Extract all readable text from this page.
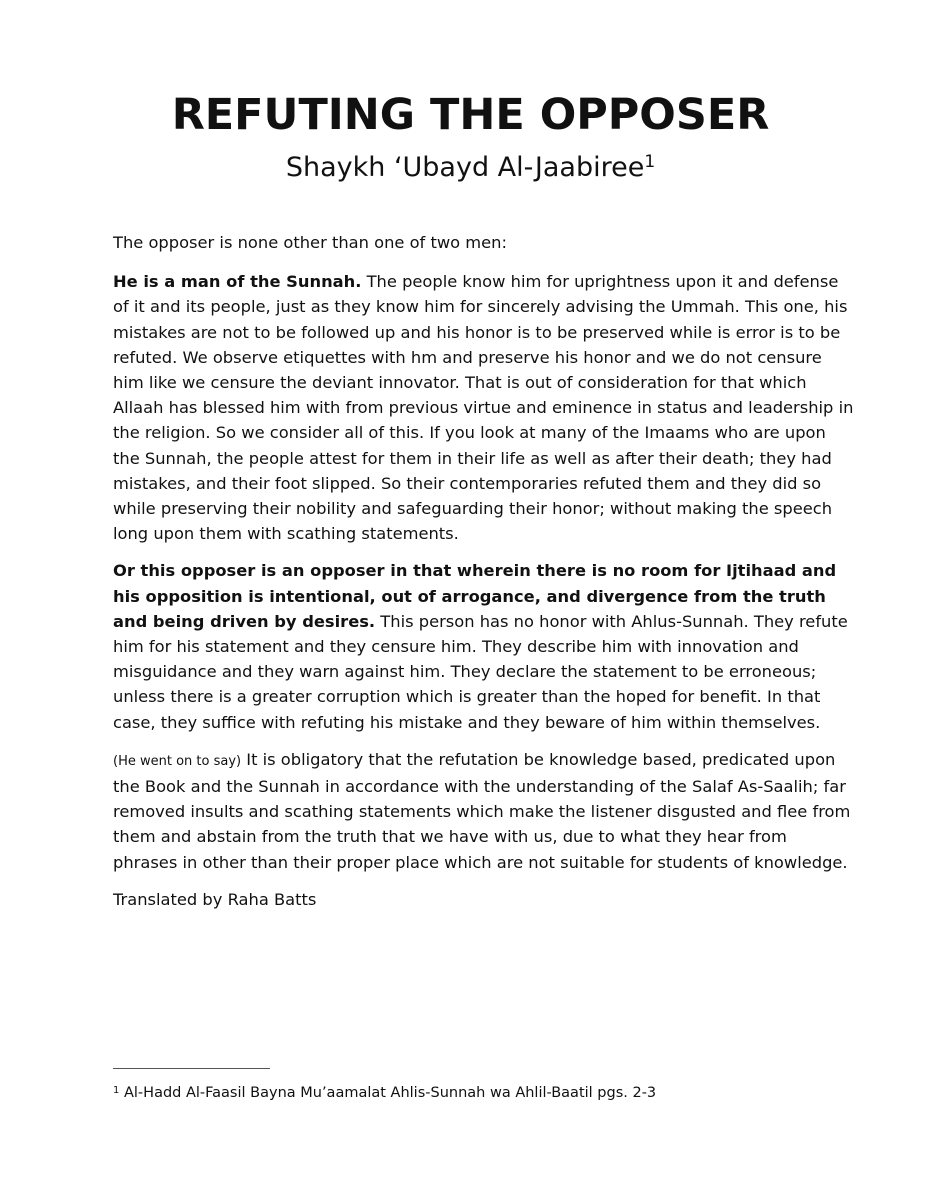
REFUTING THE OPPOSER
Shaykh ‘Ubayd Al-Jaabiree$^1$

The opposer is none other than one of two men:

He is a man of the Sunnah. The people know him for uprightness upon it and defense of it and its people, just as they know him for sincerely advising the Ummah. This one, his mistakes are not to be followed up and his honor is to be preserved while is error is to be refuted. We observe etiquettes with hm and preserve his honor and we do not censure him like we censure the deviant innovator. That is out of consideration for that which Allaah has blessed him with from previous virtue and eminence in status and leadership in the religion. So we consider all of this. If you look at many of the Imaams who are upon the Sunnah, the people attest for them in their life as well as after their death; they had mistakes, and their foot slipped. So their contemporaries refuted them and they did so while preserving their nobility and safeguarding their honor; without making the speech long upon them with scathing statements.

Or this opposer is an opposer in that wherein there is no room for Ijtihaad and his opposition is intentional, out of arrogance, and divergence from the truth and being driven by desires. This person has no honor with Ahlus-Sunnah. They refute him for his statement and they censure him. They describe him with innovation and misguidance and they warn against him. They declare the statement to be erroneous; unless there is a greater corruption which is greater than the hoped for benefit. In that case, they suffice with refuting his mistake and they beware of him within themselves.

(He went on to say) It is obligatory that the refutation be knowledge based, predicated upon the Book and the Sunnah in accordance with the understanding of the Salaf As-Saalih; far removed insults and scathing statements which make the listener disgusted and flee from them and abstain from the truth that we have with us, due to what they hear from phrases in other than their proper place which are not suitable for students of knowledge.

Translated by Raha Batts

$^1$ Al-Hadd Al-Faasil Bayna Mu’aamalat Ahlis-Sunnah wa Ahlil-Baatil pgs. 2-3
